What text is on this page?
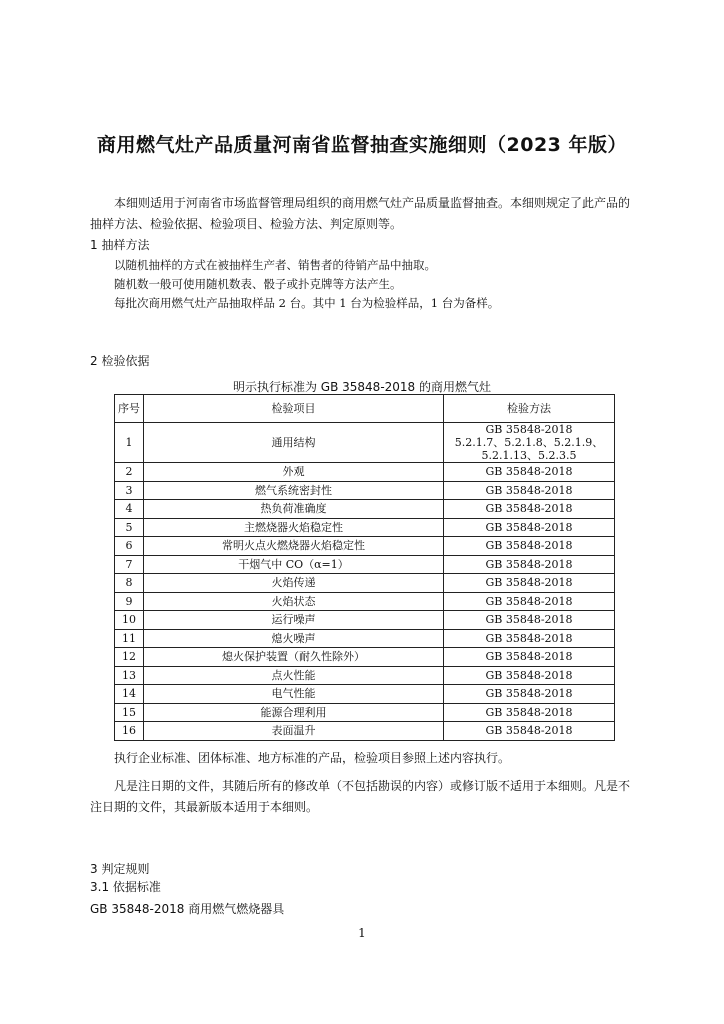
商用燃气灶产品质量河南省监督抽查实施细则（2023 年版）

本细则适用于河南省市场监督管理局组织的商用燃气灶产品质量监督抽查。本细则规定了此产品的抽样方法、检验依据、检验项目、检验方法、判定原则等。

1 抽样方法
以随机抽样的方式在被抽样生产者、销售者的待销产品中抽取。
随机数一般可使用随机数表、骰子或扑克牌等方法产生。
每批次商用燃气灶产品抽取样品 2 台。其中 1 台为检验样品，1 台为备样。
2 检验依据
明示执行标准为 GB 35848-2018 的商用燃气灶
序号	检验项目	检验方法
1	通用结构	GB 35848-2018
5.2.1.7、5.2.1.8、5.2.1.9、5.2.1.13、5.2.3.5
2	外观	GB 35848-2018
3	燃气系统密封性	GB 35848-2018
4	热负荷准确度	GB 35848-2018
5	主燃烧器火焰稳定性	GB 35848-2018
6	常明火点火燃烧器火焰稳定性	GB 35848-2018
7	干烟气中 CO（α=1）	GB 35848-2018
8	火焰传递	GB 35848-2018
9	火焰状态	GB 35848-2018
10	运行噪声	GB 35848-2018
11	熄火噪声	GB 35848-2018
12	熄火保护装置（耐久性除外）	GB 35848-2018
13	点火性能	GB 35848-2018
14	电气性能	GB 35848-2018
15	能源合理利用	GB 35848-2018
16	表面温升	GB 35848-2018

执行企业标准、团体标准、地方标准的产品，检验项目参照上述内容执行。

凡是注日期的文件，其随后所有的修改单（不包括勘误的内容）或修订版不适用于本细则。凡是不注日期的文件，其最新版本适用于本细则。

3 判定规则
3.1 依据标准
GB 35848-2018 商用燃气燃烧器具
1
